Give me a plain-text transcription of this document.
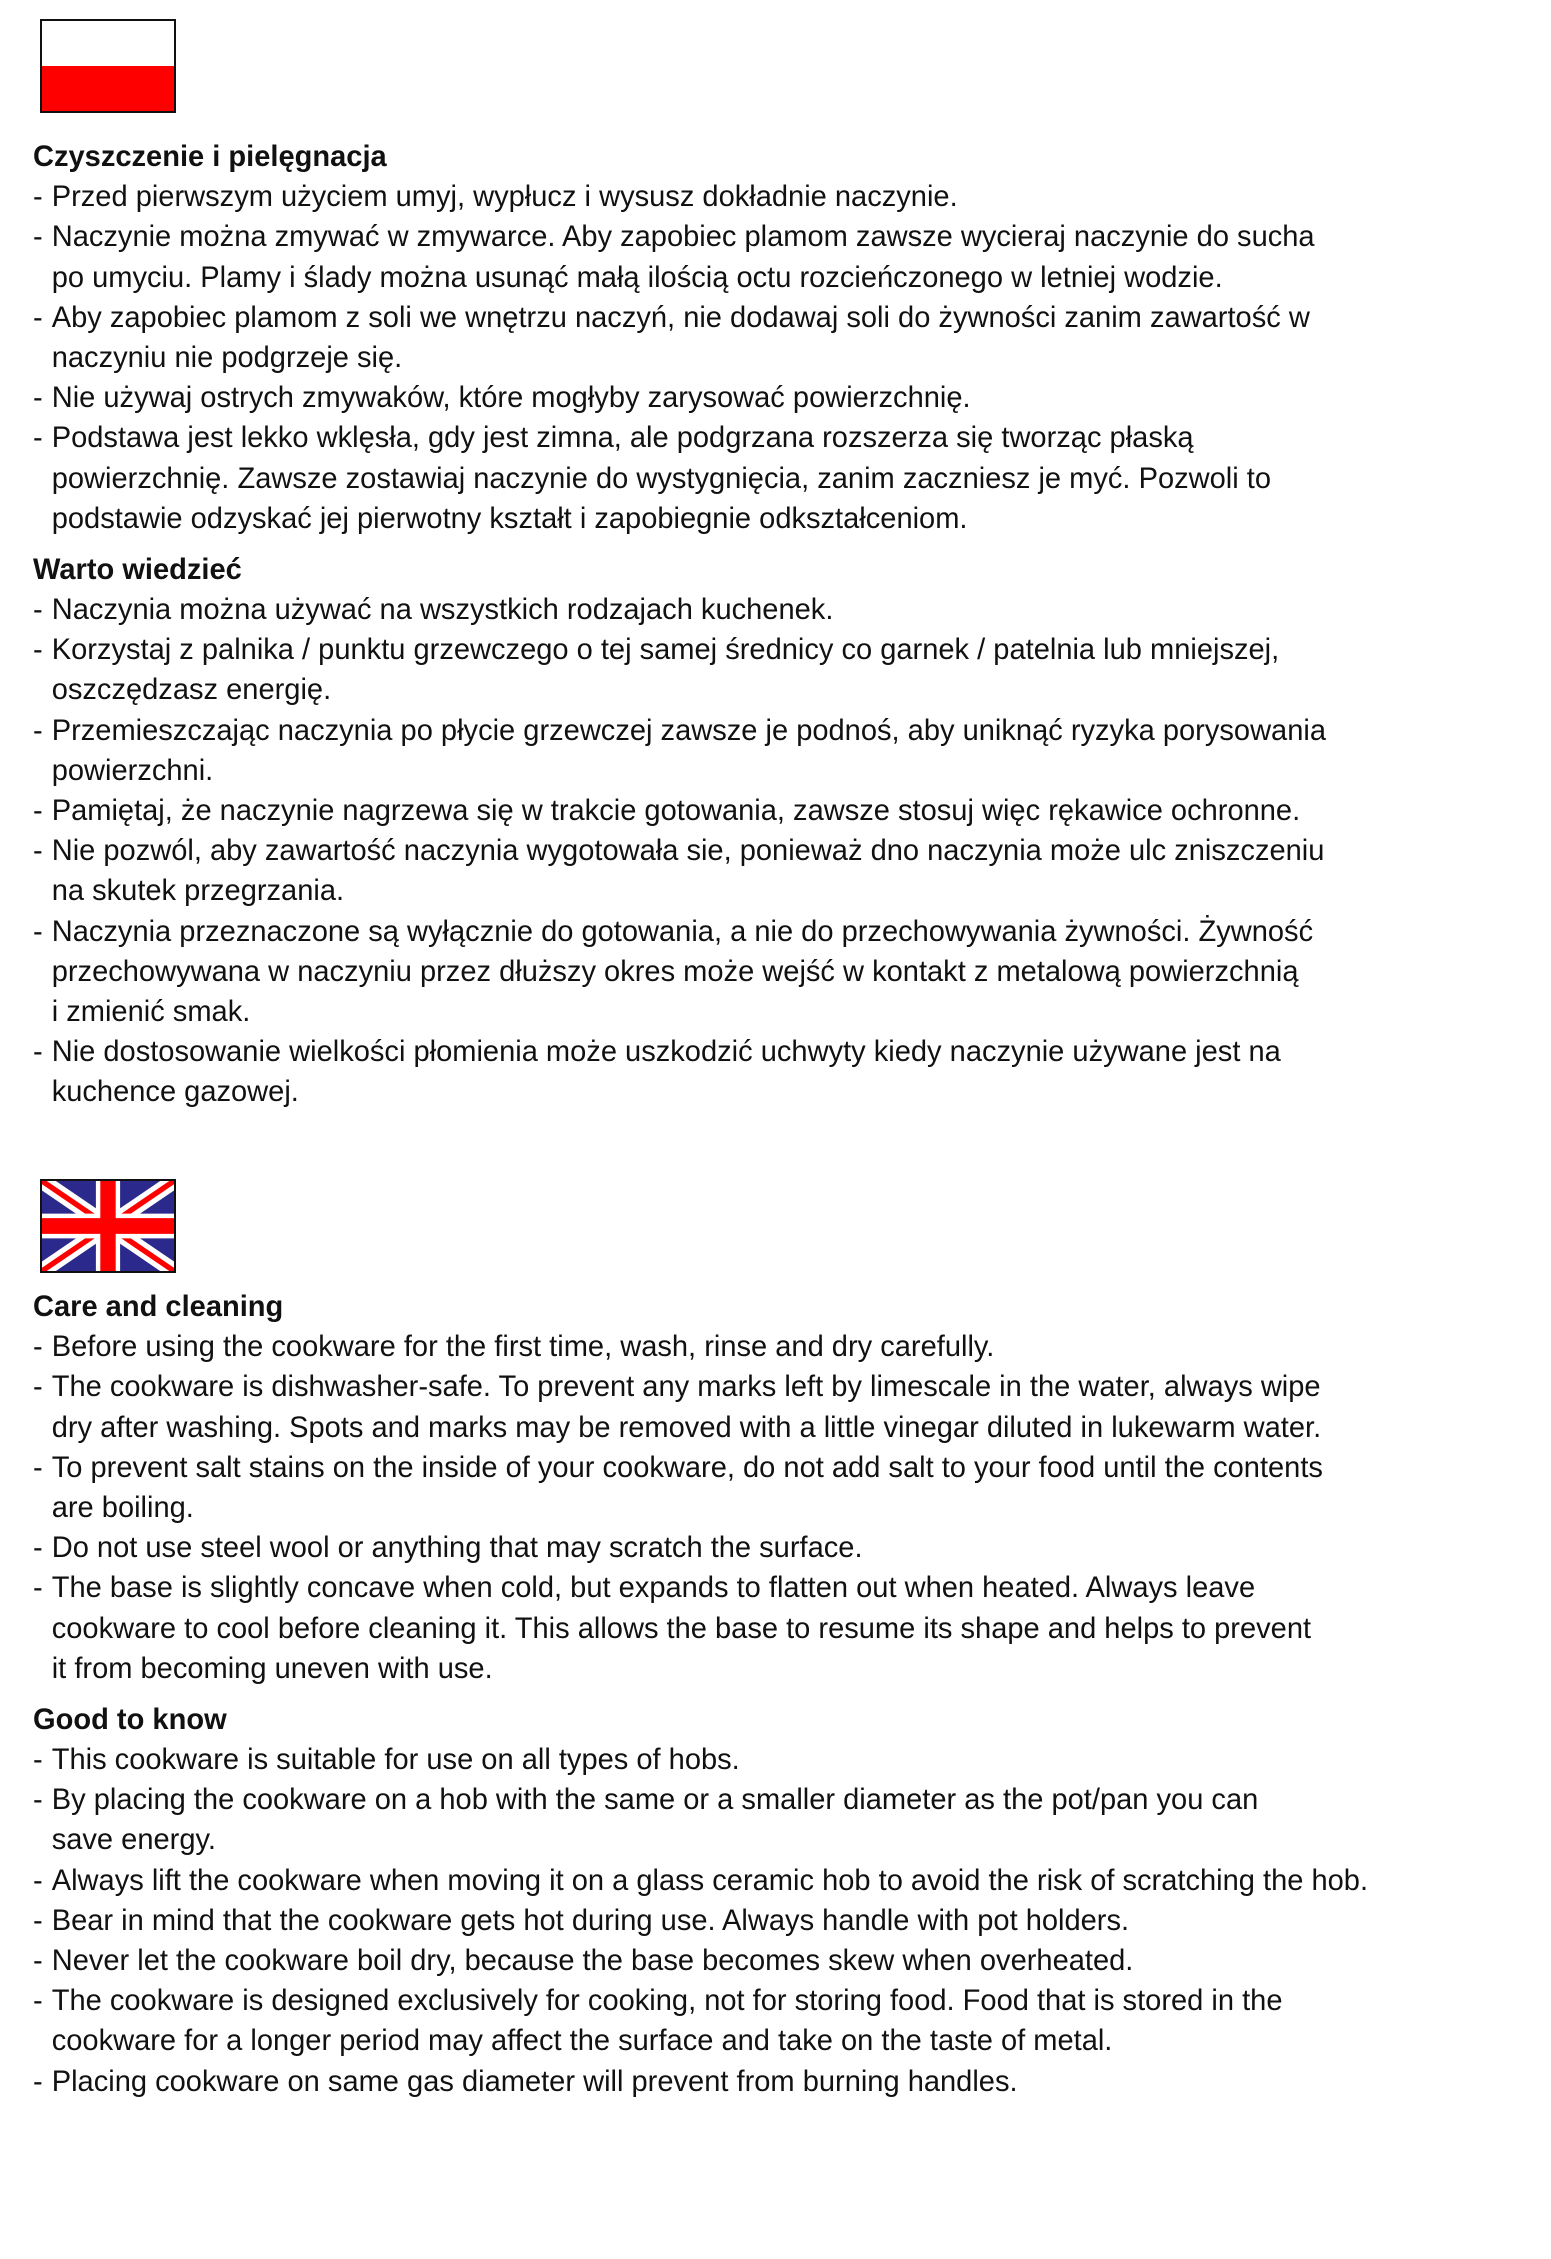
Czyszczenie i pielęgnacja
- Przed pierwszym użyciem umyj, wypłucz i wysusz dokładnie naczynie.
- Naczynie można zmywać w zmywarce. Aby zapobiec plamom zawsze wycieraj naczynie do sucha
po umyciu. Plamy i ślady można usunąć małą ilością octu rozcieńczonego w letniej wodzie.
- Aby zapobiec plamom z soli we wnętrzu naczyń, nie dodawaj soli do żywności zanim zawartość w
naczyniu nie podgrzeje się.
- Nie używaj ostrych zmywaków, które mogłyby zarysować powierzchnię.
- Podstawa jest lekko wklęsła, gdy jest zimna, ale podgrzana rozszerza się tworząc płaską
powierzchnię. Zawsze zostawiaj naczynie do wystygnięcia, zanim zaczniesz je myć. Pozwoli to
podstawie odzyskać jej pierwotny kształt i zapobiegnie odkształceniom.
Warto wiedzieć
- Naczynia można używać na wszystkich rodzajach kuchenek.
- Korzystaj z palnika / punktu grzewczego o tej samej średnicy co garnek / patelnia lub mniejszej,
oszczędzasz energię.
- Przemieszczając naczynia po płycie grzewczej zawsze je podnoś, aby uniknąć ryzyka porysowania
powierzchni.
- Pamiętaj, że naczynie nagrzewa się w trakcie gotowania, zawsze stosuj więc rękawice ochronne.
- Nie pozwól, aby zawartość naczynia wygotowała sie, ponieważ dno naczynia może ulc zniszczeniu
na skutek przegrzania.
- Naczynia przeznaczone są wyłącznie do gotowania, a nie do przechowywania żywności. Żywność
przechowywana w naczyniu przez dłuższy okres może wejść w kontakt z metalową powierzchnią
i zmienić smak.
- Nie dostosowanie wielkości płomienia może uszkodzić uchwyty kiedy naczynie używane jest na
kuchence gazowej.
Care and cleaning
- Before using the cookware for the first time, wash, rinse and dry carefully.
- The cookware is dishwasher-safe. To prevent any marks left by limescale in the water, always wipe
dry after washing. Spots and marks may be removed with a little vinegar diluted in lukewarm water.
- To prevent salt stains on the inside of your cookware, do not add salt to your food until the contents
are boiling.
- Do not use steel wool or anything that may scratch the surface.
- The base is slightly concave when cold, but expands to flatten out when heated. Always leave
cookware to cool before cleaning it. This allows the base to resume its shape and helps to prevent
it from becoming uneven with use.
Good to know
- This cookware is suitable for use on all types of hobs.
- By placing the cookware on a hob with the same or a smaller diameter as the pot/pan you can
save energy.
- Always lift the cookware when moving it on a glass ceramic hob to avoid the risk of scratching the hob.
- Bear in mind that the cookware gets hot during use. Always handle with pot holders.
- Never let the cookware boil dry, because the base becomes skew when overheated.
- The cookware is designed exclusively for cooking, not for storing food. Food that is stored in the
cookware for a longer period may affect the surface and take on the taste of metal.
- Placing cookware on same gas diameter will prevent from burning handles.
